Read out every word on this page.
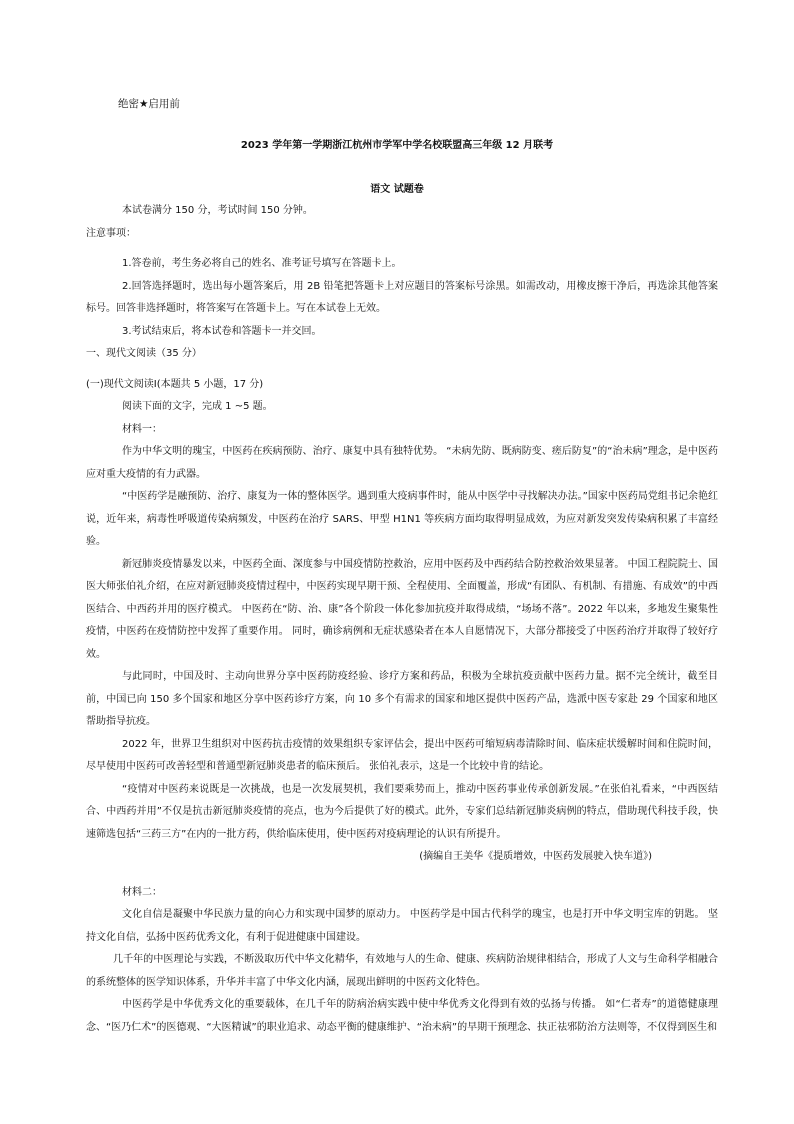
绝密★启用前
2023 学年第一学期浙江杭州市学军中学名校联盟高三年级 12 月联考
语文 试题卷

本试卷满分 150 分，考试时间 150 分钟。

注意事项：

1.答卷前，考生务必将自己的姓名、准考证号填写在答题卡上。

2.回答选择题时，选出每小题答案后，用 2B 铅笔把答题卡上对应题目的答案标号涂黑。如需改动，用橡皮擦干净后，再选涂其他答案标号。回答非选择题时，将答案写在答题卡上。写在本试卷上无效。

3.考试结束后，将本试卷和答题卡一并交回。

一、现代文阅读（35 分）

(一)现代文阅读Ⅰ(本题共 5 小题，17 分)

阅读下面的文字，完成 1 ~5 题。

材料一：

作为中华文明的瑰宝，中医药在疾病预防、治疗、康复中具有独特优势。 “未病先防、既病防变、瘥后防复”的“治未病”理念，是中医药应对重大疫情的有力武器。

“中医药学是融预防、治疗、康复为一体的整体医学。遇到重大疫病事件时，能从中医学中寻找解决办法。”国家中医药局党组书记余艳红说，近年来，病毒性呼吸道传染病频发，中医药在治疗 SARS、甲型 H1N1 等疾病方面均取得明显成效，为应对新发突发传染病积累了丰富经验。

新冠肺炎疫情暴发以来，中医药全面、深度参与中国疫情防控救治，应用中医药及中西药结合防控救治效果显著。 中国工程院院士、国医大师张伯礼介绍，在应对新冠肺炎疫情过程中，中医药实现早期干预、全程使用、全面覆盖，形成“有团队、有机制、有措施、有成效”的中西医结合、中西药并用的医疗模式。 中医药在“防、治、康”各个阶段一体化参加抗疫并取得成绩，“场场不落”。2022 年以来，多地发生聚集性疫情，中医药在疫情防控中发挥了重要作用。 同时，确诊病例和无症状感染者在本人自愿情况下，大部分都接受了中医药治疗并取得了较好疗效。

与此同时，中国及时、主动向世界分享中医药防疫经验、诊疗方案和药品，积极为全球抗疫贡献中医药力量。据不完全统计，截至目前，中国已向 150 多个国家和地区分享中医药诊疗方案，向 10 多个有需求的国家和地区提供中医药产品，选派中医专家赴 29 个国家和地区帮助指导抗疫。

2022 年，世界卫生组织对中医药抗击疫情的效果组织专家评估会，提出中医药可缩短病毒清除时间、临床症状缓解时间和住院时间，尽早使用中医药可改善轻型和普通型新冠肺炎患者的临床预后。 张伯礼表示，这是一个比较中肯的结论。

“疫情对中医药来说既是一次挑战，也是一次发展契机，我们要乘势而上，推动中医药事业传承创新发展。”在张伯礼看来，“中西医结合、中西药并用”不仅是抗击新冠肺炎疫情的亮点，也为今后提供了好的模式。此外，专家们总结新冠肺炎病例的特点，借助现代科技手段，快速筛选包括“三药三方”在内的一批方药，供给临床使用，使中医药对疫病理论的认识有所提升。

(摘编自王美华《提质增效，中医药发展驶入快车道》)

材料二：

文化自信是凝聚中华民族力量的向心力和实现中国梦的原动力。 中医药学是中国古代科学的瑰宝，也是打开中华文明宝库的钥匙。 坚持文化自信，弘扬中医药优秀文化，有利于促进健康中国建设。

几千年的中医理论与实践，不断汲取历代中华文化精华，有效地与人的生命、健康、疾病防治规律相结合，形成了人文与生命科学相融合的系统整体的医学知识体系，升华并丰富了中华文化内涵，展现出鲜明的中医药文化特色。

中医药学是中华优秀文化的重要载体，在几千年的防病治病实践中使中华优秀文化得到有效的弘扬与传播。 如“仁者寿”的道德健康理念、“医乃仁术”的医德观、“大医精诚”的职业追求、动态平衡的健康维护、“治未病”的早期干预理念、扶正祛邪防治方法则等，不仅得到医生和
